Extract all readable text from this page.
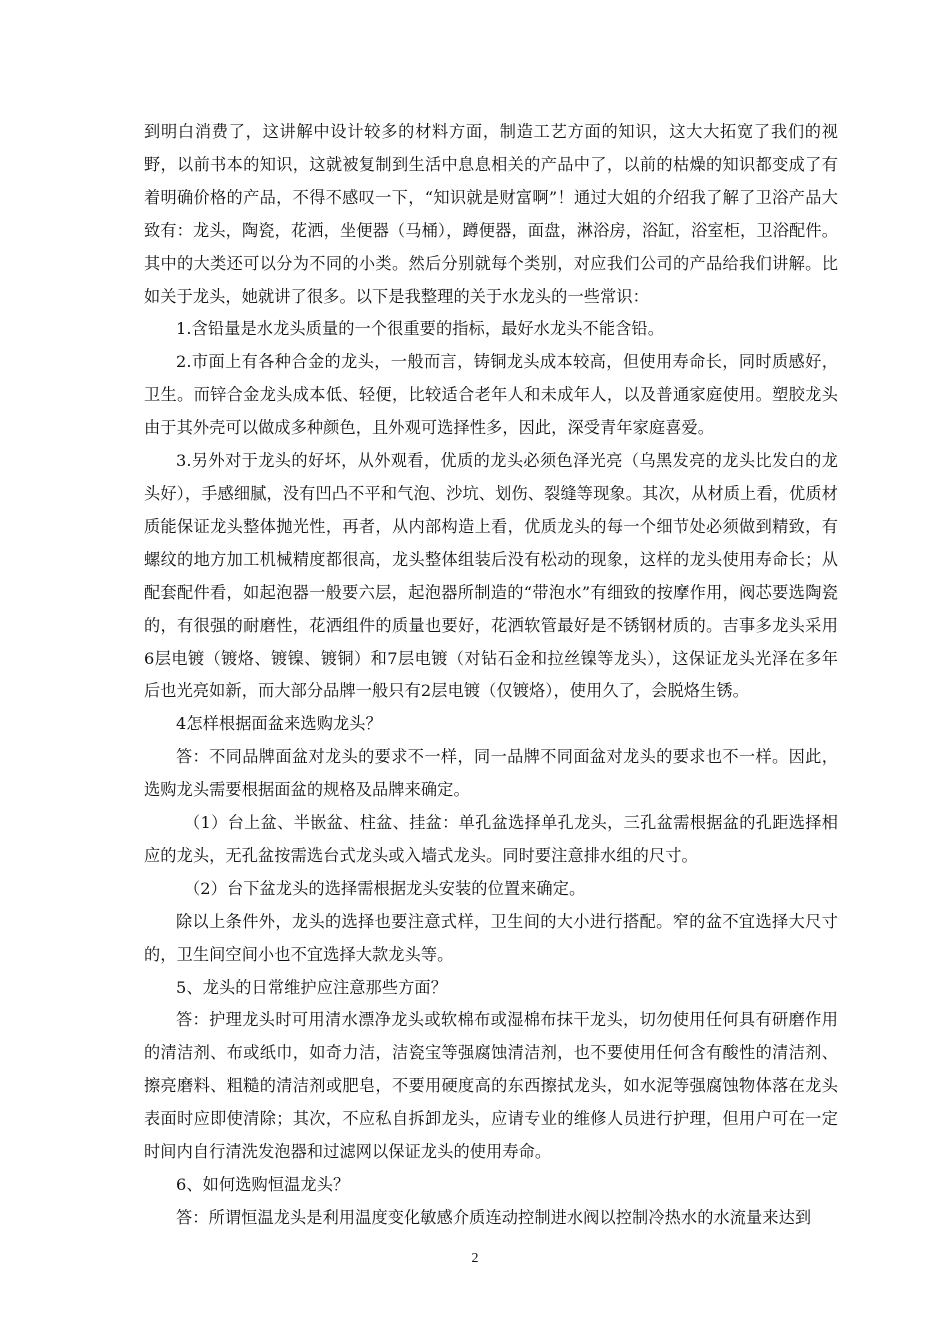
到明白消费了，这讲解中设计较多的材料方面，制造工艺方面的知识，这大大拓宽了我们的视野，以前书本的知识，这就被复制到生活中息息相关的产品中了，以前的枯燥的知识都变成了有着明确价格的产品，不得不感叹一下，“知识就是财富啊”！通过大姐的介绍我了解了卫浴产品大致有：龙头，陶瓷，花洒，坐便器（马桶），蹲便器，面盘，淋浴房，浴缸，浴室柜，卫浴配件。其中的大类还可以分为不同的小类。然后分别就每个类别，对应我们公司的产品给我们讲解。比如关于龙头，她就讲了很多。以下是我整理的关于水龙头的一些常识：

1.含铅量是水龙头质量的一个很重要的指标，最好水龙头不能含铅。

2.市面上有各种合金的龙头，一般而言，铸铜龙头成本较高，但使用寿命长，同时质感好，卫生。而锌合金龙头成本低、轻便，比较适合老年人和未成年人，以及普通家庭使用。塑胶龙头由于其外壳可以做成多种颜色，且外观可选择性多，因此，深受青年家庭喜爱。

3.另外对于龙头的好坏，从外观看，优质的龙头必须色泽光亮（乌黑发亮的龙头比发白的龙头好），手感细腻，没有凹凸不平和气泡、沙坑、划伤、裂缝等现象。其次，从材质上看，优质材质能保证龙头整体抛光性，再者，从内部构造上看，优质龙头的每一个细节处必须做到精致，有螺纹的地方加工机械精度都很高，龙头整体组装后没有松动的现象，这样的龙头使用寿命长；从配套配件看，如起泡器一般要六层，起泡器所制造的“带泡水”有细致的按摩作用，阀芯要选陶瓷的，有很强的耐磨性，花洒组件的质量也要好，花洒软管最好是不锈钢材质的。吉事多龙头采用6层电镀（镀烙、镀镍、镀铜）和7层电镀（对钻石金和拉丝镍等龙头），这保证龙头光泽在多年后也光亮如新，而大部分品牌一般只有2层电镀（仅镀烙），使用久了，会脱烙生锈。

4怎样根据面盆来选购龙头？

答：不同品牌面盆对龙头的要求不一样，同一品牌不同面盆对龙头的要求也不一样。因此，选购龙头需要根据面盆的规格及品牌来确定。

（1）台上盆、半嵌盆、柱盆、挂盆：单孔盆选择单孔龙头，三孔盆需根据盆的孔距选择相应的龙头，无孔盆按需选台式龙头或入墙式龙头。同时要注意排水组的尺寸。

（2）台下盆龙头的选择需根据龙头安装的位置来确定。

除以上条件外，龙头的选择也要注意式样，卫生间的大小进行搭配。窄的盆不宜选择大尺寸的，卫生间空间小也不宜选择大款龙头等。

5、龙头的日常维护应注意那些方面？

答：护理龙头时可用清水漂净龙头或软棉布或湿棉布抹干龙头，切勿使用任何具有研磨作用的清洁剂、布或纸巾，如奇力洁，洁瓷宝等强腐蚀清洁剂，也不要使用任何含有酸性的清洁剂、擦亮磨料、粗糙的清洁剂或肥皂，不要用硬度高的东西擦拭龙头，如水泥等强腐蚀物体落在龙头表面时应即使清除；其次，不应私自拆卸龙头，应请专业的维修人员进行护理，但用户可在一定时间内自行清洗发泡器和过滤网以保证龙头的使用寿命。

6、如何选购恒温龙头？

答：所谓恒温龙头是利用温度变化敏感介质连动控制进水阀以控制冷热水的水流量来达到

2
